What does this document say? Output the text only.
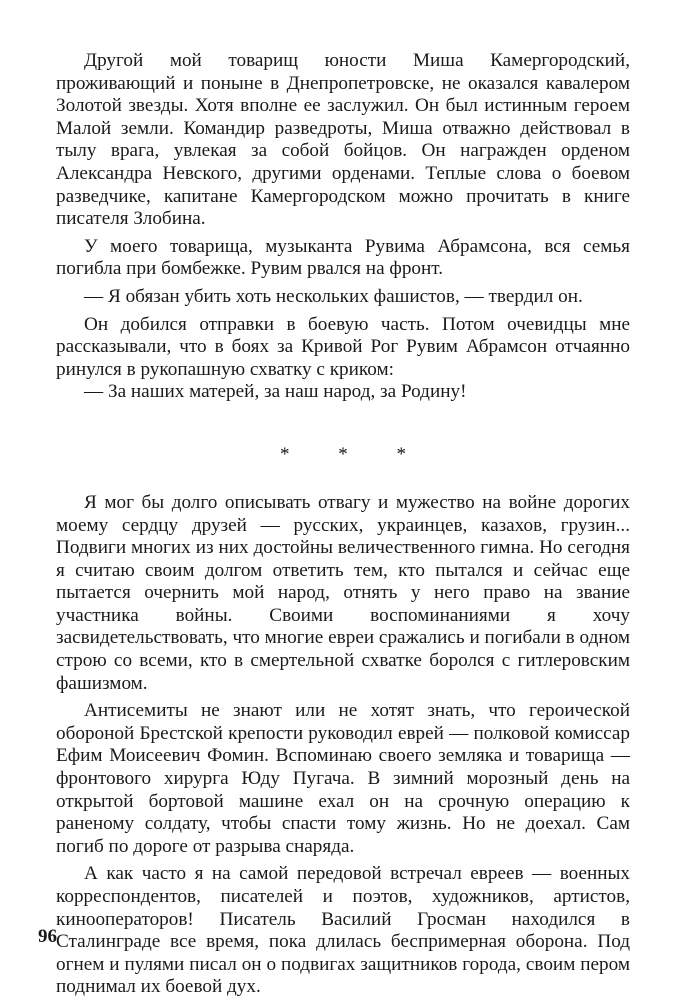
Другой мой товарищ юности Миша Камергородский, проживающий и поныне в Днепропетровске, не оказался кавалером Золотой звезды. Хотя вполне ее заслужил. Он был истинным героем Малой земли. Командир разведроты, Миша отважно действовал в тылу врага, увлекая за собой бойцов. Он награжден орденом Александра Невского, другими орденами. Теплые слова о боевом разведчике, капитане Камергородском можно прочитать в книге писателя Злобина.

У моего товарища, музыканта Рувима Абрамсона, вся семья погибла при бомбежке. Рувим рвался на фронт.

— Я обязан убить хоть нескольких фашистов, — твердил он.

Он добился отправки в боевую часть. Потом очевидцы мне рассказывали, что в боях за Кривой Рог Рувим Абрамсон отчаянно ринулся в рукопашную схватку с криком:

— За наших матерей, за наш народ, за Родину!

* * *

Я мог бы долго описывать отвагу и мужество на войне дорогих моему сердцу друзей — русских, украинцев, казахов, грузин... Подвиги многих из них достойны величественного гимна. Но сегодня я считаю своим долгом ответить тем, кто пытался и сейчас еще пытается очернить мой народ, отнять у него право на звание участника войны. Своими воспоминаниями я хочу засвидетельствовать, что многие евреи сражались и погибали в одном строю со всеми, кто в смертельной схватке боролся с гитлеровским фашизмом.

Антисемиты не знают или не хотят знать, что героической обороной Брестской крепости руководил еврей — полковой комиссар Ефим Моисеевич Фомин. Вспоминаю своего земляка и товарища — фронтового хирурга Юду Пугача. В зимний морозный день на открытой бортовой машине ехал он на срочную операцию к раненому солдату, чтобы спасти тому жизнь. Но не доехал. Сам погиб по дороге от разрыва снаряда.

А как часто я на самой передовой встречал евреев — военных корреспондентов, писателей и поэтов, художников, артистов, кинооператоров! Писатель Василий Гросман находился в Сталинграде все время, пока длилась беспримерная оборона. Под огнем и пулями писал он о подвигах защитников города, своим пером поднимал их боевой дух.

96
